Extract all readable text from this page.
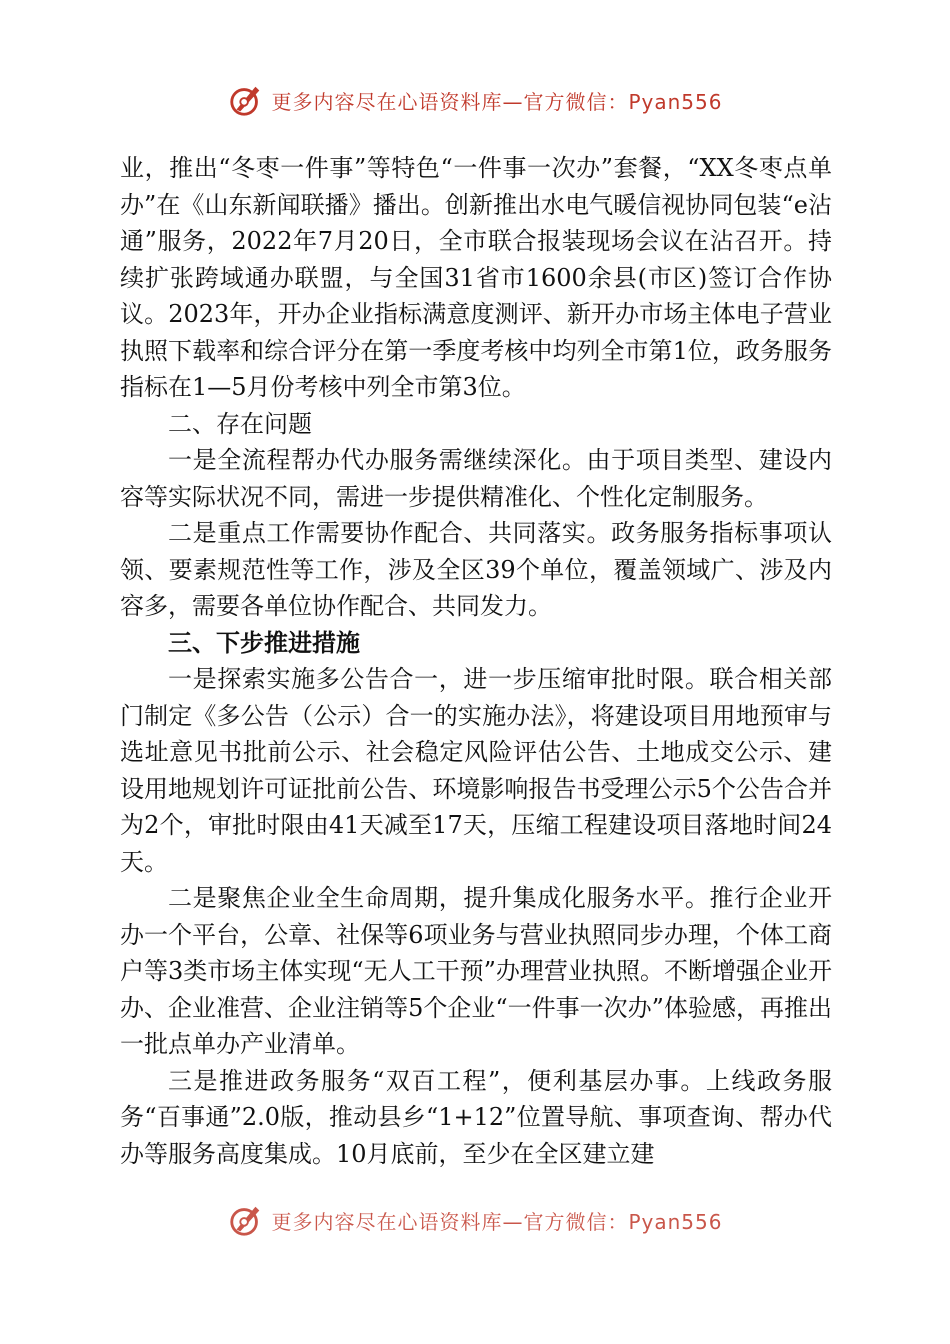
更多内容尽在心语资料库—官方微信：Pyan556

业，推出“冬枣一件事”等特色“一件事一次办”套餐，“XX冬枣点单办”在《山东新闻联播》播出。创新推出水电气暖信视协同包装“e沾通”服务，2022年7月20日，全市联合报装现场会议在沾召开。持续扩张跨域通办联盟，与全国31省市1600余县(市区)签订合作协议。2023年，开办企业指标满意度测评、新开办市场主体电子营业执照下载率和综合评分在第一季度考核中均列全市第1位，政务服务指标在1—5月份考核中列全市第3位。

二、存在问题

一是全流程帮办代办服务需继续深化。由于项目类型、建设内容等实际状况不同，需进一步提供精准化、个性化定制服务。

二是重点工作需要协作配合、共同落实。政务服务指标事项认领、要素规范性等工作，涉及全区39个单位，覆盖领域广、涉及内容多，需要各单位协作配合、共同发力。

三、下步推进措施

一是探索实施多公告合一，进一步压缩审批时限。联合相关部门制定《多公告（公示）合一的实施办法》，将建设项目用地预审与选址意见书批前公示、社会稳定风险评估公告、土地成交公示、建设用地规划许可证批前公告、环境影响报告书受理公示5个公告合并为2个，审批时限由41天减至17天，压缩工程建设项目落地时间24天。

二是聚焦企业全生命周期，提升集成化服务水平。推行企业开办一个平台，公章、社保等6项业务与营业执照同步办理，个体工商户等3类市场主体实现“无人工干预”办理营业执照。不断增强企业开办、企业准营、企业注销等5个企业“一件事一次办”体验感，再推出一批点单办产业清单。

三是推进政务服务“双百工程”，便利基层办事。上线政务服务“百事通”2.0版，推动县乡“1+12”位置导航、事项查询、帮办代办等服务高度集成。10月底前，至少在全区建立建

更多内容尽在心语资料库—官方微信：Pyan556
